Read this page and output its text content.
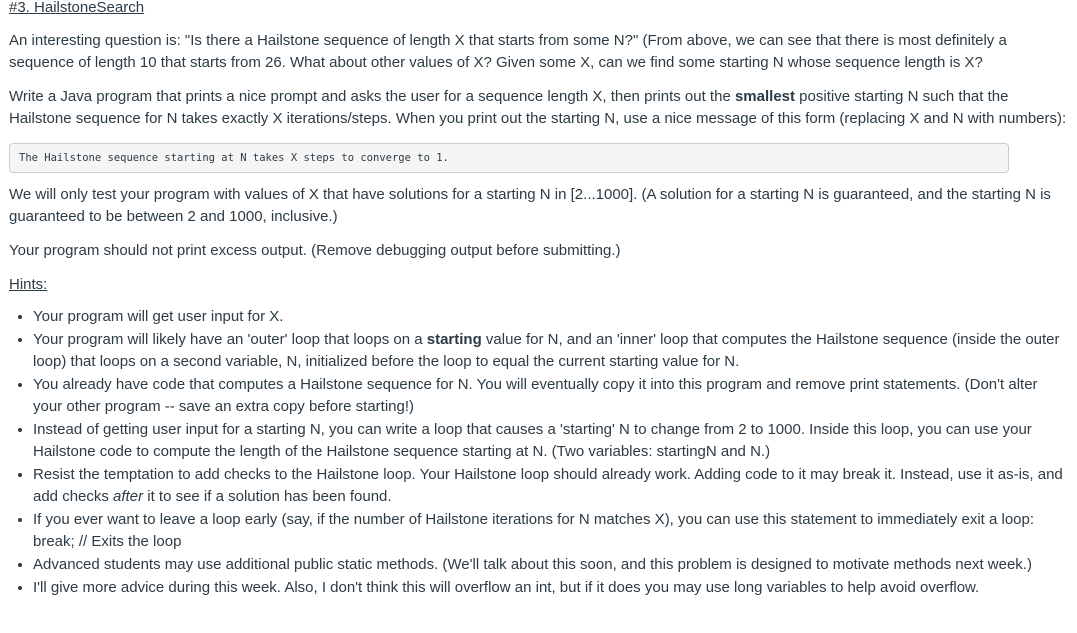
#3. HailstoneSearch

An interesting question is: "Is there a Hailstone sequence of length X that starts from some N?" (From above, we can see that there is most definitely a sequence of length 10 that starts from 26. What about other values of X? Given some X, can we find some starting N whose sequence length is X?

Write a Java program that prints a nice prompt and asks the user for a sequence length X, then prints out the smallest positive starting N such that the Hailstone sequence for N takes exactly X iterations/steps. When you print out the starting N, use a nice message of this form (replacing X and N with numbers):

The Hailstone sequence starting at N takes X steps to converge to 1.

We will only test your program with values of X that have solutions for a starting N in [2...1000]. (A solution for a starting N is guaranteed, and the starting N is guaranteed to be between 2 and 1000, inclusive.)

Your program should not print excess output. (Remove debugging output before submitting.)

Hints:

• Your program will get user input for X.
• Your program will likely have an 'outer' loop that loops on a starting value for N, and an 'inner' loop that computes the Hailstone sequence (inside the outer loop) that loops on a second variable, N, initialized before the loop to equal the current starting value for N.
• You already have code that computes a Hailstone sequence for N. You will eventually copy it into this program and remove print statements. (Don't alter your other program -- save an extra copy before starting!)
• Instead of getting user input for a starting N, you can write a loop that causes a 'starting' N to change from 2 to 1000. Inside this loop, you can use your Hailstone code to compute the length of the Hailstone sequence starting at N. (Two variables: startingN and N.)
• Resist the temptation to add checks to the Hailstone loop. Your Hailstone loop should already work. Adding code to it may break it. Instead, use it as-is, and add checks after it to see if a solution has been found.
• If you ever want to leave a loop early (say, if the number of Hailstone iterations for N matches X), you can use this statement to immediately exit a loop:
break; // Exits the loop
• Advanced students may use additional public static methods. (We'll talk about this soon, and this problem is designed to motivate methods next week.)
• I'll give more advice during this week. Also, I don't think this will overflow an int, but if it does you may use long variables to help avoid overflow.
